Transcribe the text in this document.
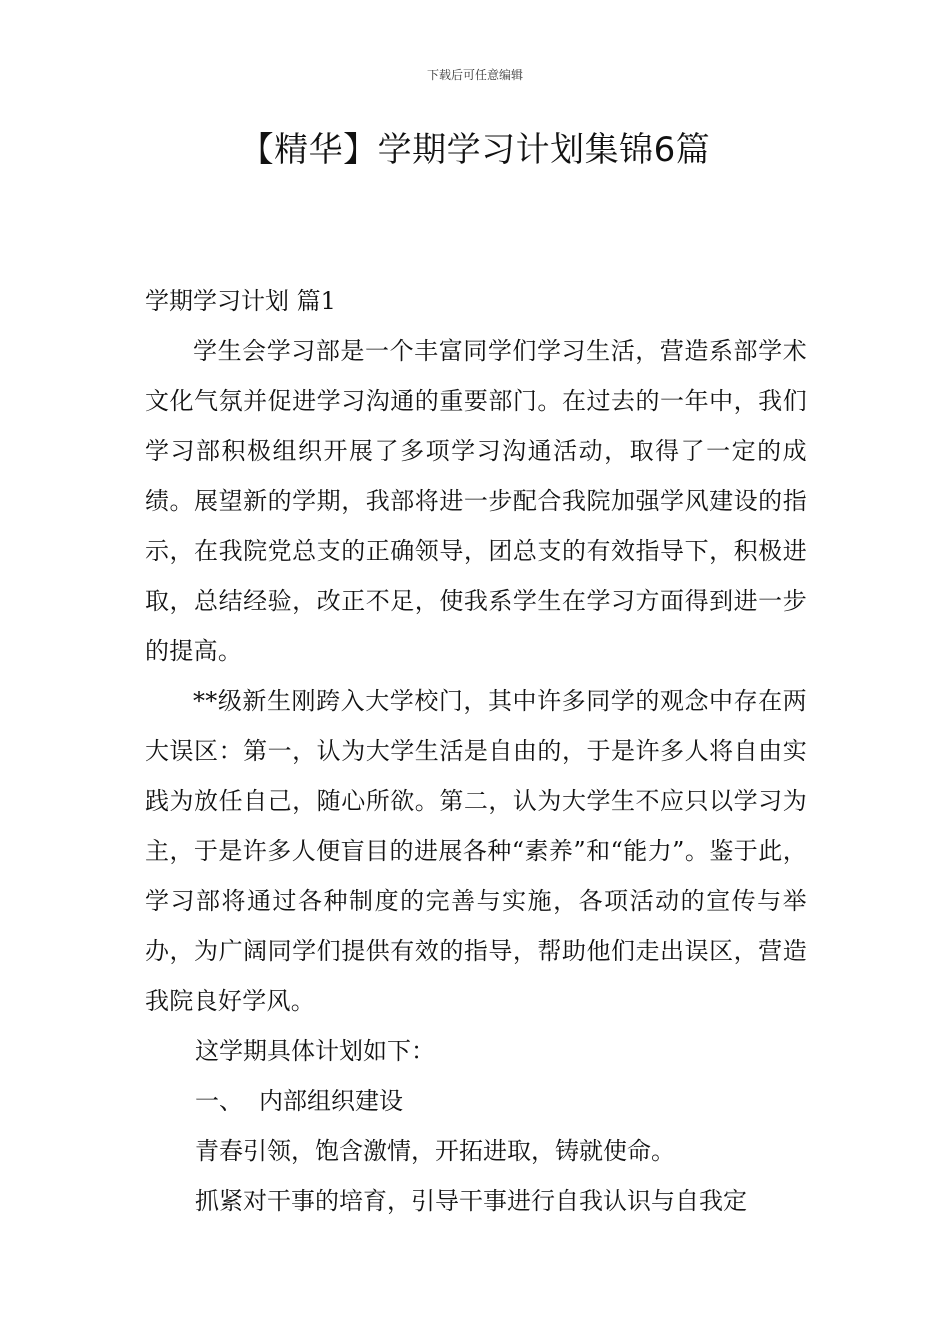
下载后可任意编辑
【精华】学期学习计划集锦6篇

学期学习计划 篇1

学生会学习部是一个丰富同学们学习生活，营造系部学术文化气氛并促进学习沟通的重要部门。在过去的一年中，我们学习部积极组织开展了多项学习沟通活动，取得了一定的成绩。展望新的学期，我部将进一步配合我院加强学风建设的指示，在我院党总支的正确领导，团总支的有效指导下，积极进取，总结经验，改正不足，使我系学生在学习方面得到进一步的提高。

**级新生刚跨入大学校门，其中许多同学的观念中存在两大误区：第一，认为大学生活是自由的，于是许多人将自由实践为放任自己，随心所欲。第二，认为大学生不应只以学习为主，于是许多人便盲目的进展各种“素养”和“能力”。鉴于此，学习部将通过各种制度的完善与实施，各项活动的宣传与举办，为广阔同学们提供有效的指导，帮助他们走出误区，营造我院良好学风。

这学期具体计划如下：

一、 内部组织建设

青春引领，饱含激情，开拓进取，铸就使命。

抓紧对干事的培育，引导干事进行自我认识与自我定
